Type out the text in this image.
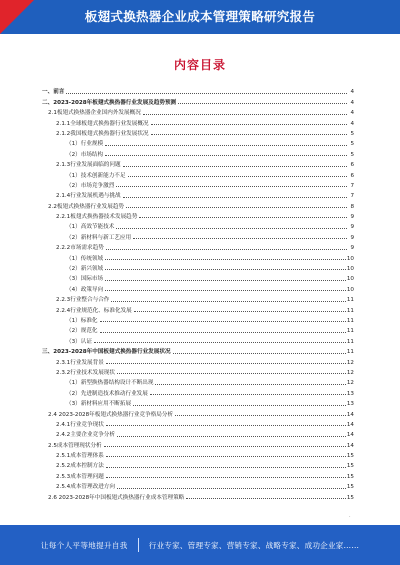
板翅式换热器企业成本管理策略研究报告
内容目录
一、前言	4
二、2023-2028年板翅式换热器行业发展及趋势预测	4
2.1板翅式换热器企业国内外发展概况	4
2.1.1全球板翅式换热器行业发展概况	4
2.1.2我国板翅式换热器行业发展状况	5
（1）行业规模	5
（2）市场结构	5
2.1.3行业发展面临的问题	6
（1）技术创新能力不足	6
（2）市场竞争激烈	7
2.1.4行业发展机遇与挑战	7
2.2板翅式换热器行业发展趋势	8
2.2.1板翅式换热器技术发展趋势	9
（1）高效节能技术	9
（2）新材料与新工艺应用	9
2.2.2市场需求趋势	9
（1）传统领域	10
（2）新兴领域	10
（3）国际市场	10
（4）政策导向	10
2.2.3行业整合与合作	11
2.2.4行业规范化、标准化发展	11
（1）标准化	11
（2）规范化	11
（3）认证	11
三、2023-2028年中国板翅式换热器行业发展状况	11
2.3.1行业发展背景	12
2.3.2行业技术发展现状	12
（1）新型换热器结构设计不断出现	12
（2）先进制造技术推动行业发展	13
（3）新材料应用不断拓展	13
2.4 2023-2028年板翅式换热器行业竞争格局分析	14
2.4.1行业竞争现状	14
2.4.2主要企业竞争分析	14
2.5成本管理现状分析	14
2.5.1成本管理体系	15
2.5.2成本控制方法	15
2.5.3成本管理问题	15
2.5.4成本管理改进方向	15
2.6 2023-2028年中国板翅式换热器行业成本管理策略	15
.
让每个人平等地提升自我	行业专家、管理专家、营销专家、战略专家、成功企业家……
